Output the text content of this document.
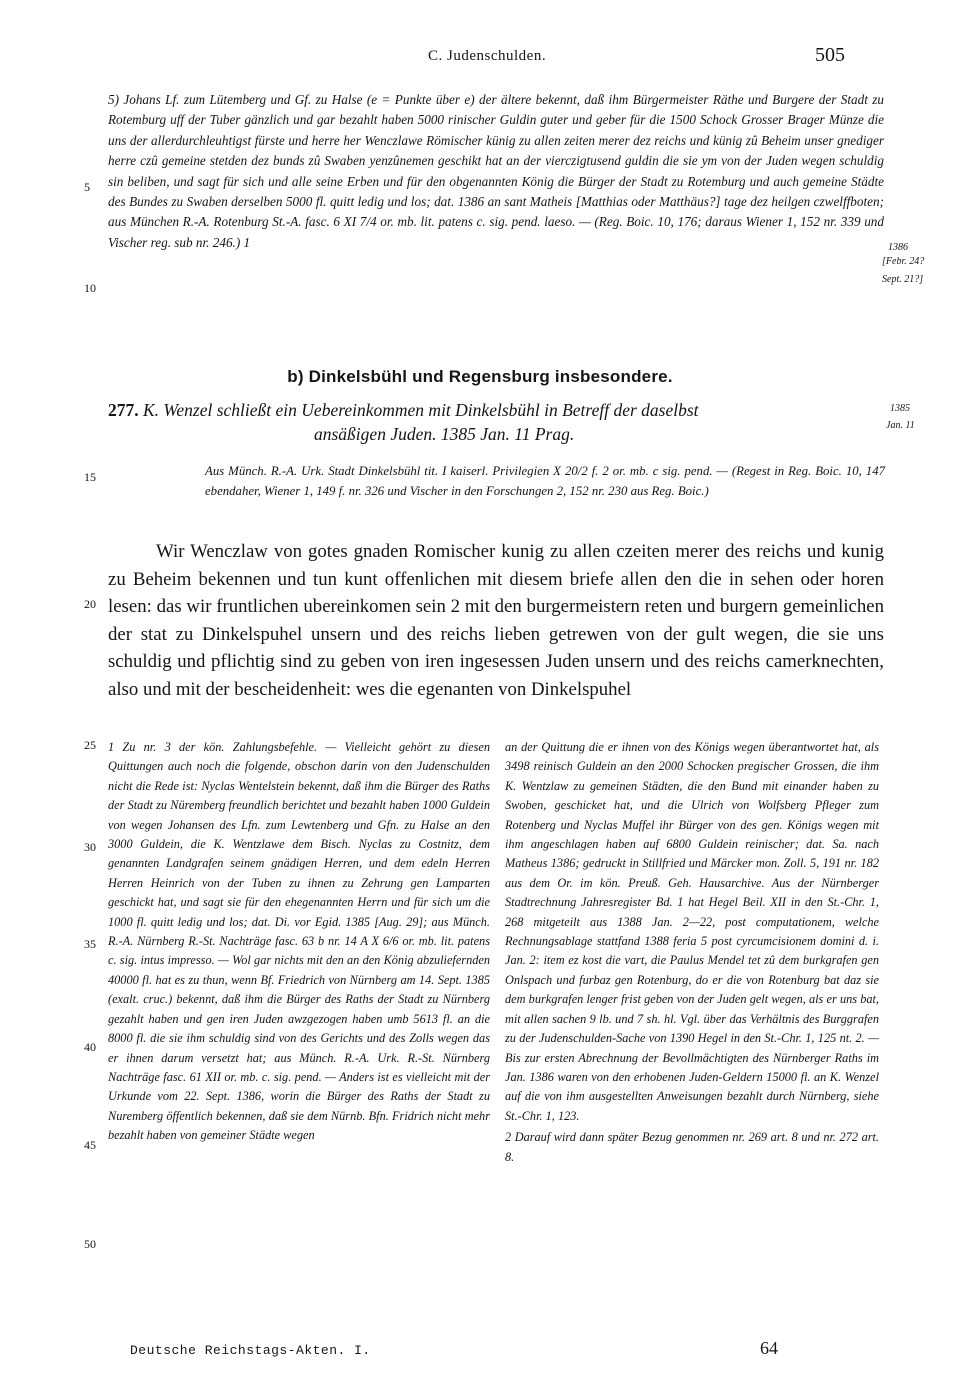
C. Judenschulden.	505

5) Johans Lf. zum Lütemberg und Gf. zu Halse (e = Punkte über e) der ältere bekennt, daß ihm Bürgermeister Räthe und Burgere der Stadt zu Rotemburg uff der Tuber gänzlich und gar bezahlt haben 5000 rinischer Guldin guter und geber für die 1500 Schock Grosser Brager Münze die uns der allerdurchleuhtigst fürste und herre her Wenczlawe Römischer künig zu allen zeiten merer dez reichs und künig zû Beheim unser gnediger herre czû gemeine stetden dez bunds zû Swaben yenzûnemen geschikt hat an der vierczigtusend guldin die sie ym von der Juden wegen schuldig sin beliben, und sagt für sich und alle seine Erben und für den obgenannten König die Bürger der Stadt zu Rotemburg und auch gemeine Städte des Bundes zu Swaben derselben 5000 fl. quitt ledig und los; dat. 1386 an sant Matheis [Matthias oder Matthäus?] tage dez heilgen czwelffboten; aus München R.-A. Rotenburg St.-A. fasc. 6 XI 7/4 or. mb. lit. patens c. sig. pend. laeso. — (Reg. Boic. 10, 176; daraus Wiener 1, 152 nr. 339 und Vischer reg. sub nr. 246.) 1

5
10
15
20
25
30
35
40
45
50
1386
[Febr. 24?
Sept. 21?]
1385
Jan. 11
b) Dinkelsbühl und Regensburg insbesondere.
277. K. Wenzel schließt ein Uebereinkommen mit Dinkelsbühl in Betreff der daselbst
ansäßigen Juden. 1385 Jan. 11 Prag.
Aus Münch. R.-A. Urk. Stadt Dinkelsbühl tit. I kaiserl. Privilegien X 20/2 f. 2 or. mb. c sig. pend. — (Regest in Reg. Boic. 10, 147 ebendaher, Wiener 1, 149 f. nr. 326 und Vischer in den Forschungen 2, 152 nr. 230 aus Reg. Boic.)

Wir Wenczlaw von gotes gnaden Romischer kunig zu allen czeiten merer des reichs und kunig zu Beheim bekennen und tun kunt offenlichen mit diesem briefe allen den die in sehen oder horen lesen: das wir fruntlichen ubereinkomen sein 2 mit den burgermeistern reten und burgern gemeinlichen der stat zu Dinkelspuhel unsern und des reichs lieben getrewen von der gult wegen, die sie uns schuldig und pflichtig sind zu geben von iren ingesessen Juden unsern und des reichs camerknechten, also und mit der bescheidenheit: wes die egenanten von Dinkelspuhel

1 Zu nr. 3 der kön. Zahlungsbefehle. — Vielleicht gehört zu diesen Quittungen auch noch die folgende, obschon darin von den Judenschulden nicht die Rede ist: Nyclas Wentelstein bekennt, daß ihm die Bürger des Raths der Stadt zu Nüremberg freundlich berichtet und bezahlt haben 1000 Guldein von wegen Johansen des Lfn. zum Lewtenberg und Gfn. zu Halse an den 3000 Guldein, die K. Wentzlawe dem Bisch. Nyclas zu Costnitz, dem genannten Landgrafen seinem gnädigen Herren, und dem edeln Herren Herren Heinrich von der Tuben zu ihnen zu Zehrung gen Lamparten geschickt hat, und sagt sie für den ehegenannten Herrn und für sich um die 1000 fl. quitt ledig und los; dat. Di. vor Egid. 1385 [Aug. 29]; aus Münch. R.-A. Nürnberg R.-St. Nachträge fasc. 63 b nr. 14 A X 6/6 or. mb. lit. patens c. sig. intus impresso. — Wol gar nichts mit den an den König abzuliefernden 40000 fl. hat es zu thun, wenn Bf. Friedrich von Nürnberg am 14. Sept. 1385 (exalt. cruc.) bekennt, daß ihm die Bürger des Raths der Stadt zu Nürnberg gezahlt haben und gen iren Juden awzgezogen haben umb 5613 fl. an die 8000 fl. die sie ihm schuldig sind von des Gerichts und des Zolls wegen das er ihnen darum versetzt hat; aus Münch. R.-A. Urk. R.-St. Nürnberg Nachträge fasc. 61 XII or. mb. c. sig. pend. — Anders ist es vielleicht mit der Urkunde vom 22. Sept. 1386, worin die Bürger des Raths der Stadt zu Nuremberg öffentlich bekennen, daß sie dem Nürnb. Bfn. Fridrich nicht mehr bezahlt haben von gemeiner Städte wegen

an der Quittung die er ihnen von des Königs wegen überantwortet hat, als 3498 reinisch Guldein an den 2000 Schocken pregischer Grossen, die ihm K. Wentzlaw zu gemeinen Städten, die den Bund mit einander haben zu Swoben, geschicket hat, und die Ulrich von Wolfsberg Pfleger zum Rotenberg und Nyclas Muffel ihr Bürger von des gen. Königs wegen mit ihm angeschlagen haben auf 6800 Guldein reinischer; dat. Sa. nach Matheus 1386; gedruckt in Stillfried und Märcker mon. Zoll. 5, 191 nr. 182 aus dem Or. im kön. Preuß. Geh. Hausarchive. Aus der Nürnberger Stadtrechnung Jahresregister Bd. 1 hat Hegel Beil. XII in den St.-Chr. 1, 268 mitgeteilt aus 1388 Jan. 2—22, post computationem, welche Rechnungsablage stattfand 1388 feria 5 post cyrcumcisionem domini d. i. Jan. 2: item ez kost die vart, die Paulus Mendel tet zû dem burkgrafen gen Onlspach und furbaz gen Rotenburg, do er die von Rotenburg bat daz sie dem burkgrafen lenger frist geben von der Juden gelt wegen, als er uns bat, mit allen sachen 9 lb. und 7 sh. hl. Vgl. über das Verhältnis des Burggrafen zu der Judenschulden-Sache von 1390 Hegel in den St.-Chr. 1, 125 nt. 2. — Bis zur ersten Abrechnung der Bevollmächtigten des Nürnberger Raths im Jan. 1386 waren von den erhobenen Juden-Geldern 15000 fl. an K. Wenzel auf die von ihm ausgestellten Anweisungen bezahlt durch Nürnberg, siehe St.-Chr. 1, 123.

2 Darauf wird dann später Bezug genommen nr. 269 art. 8 und nr. 272 art. 8.

Deutsche Reichstags-Akten. I.	64
